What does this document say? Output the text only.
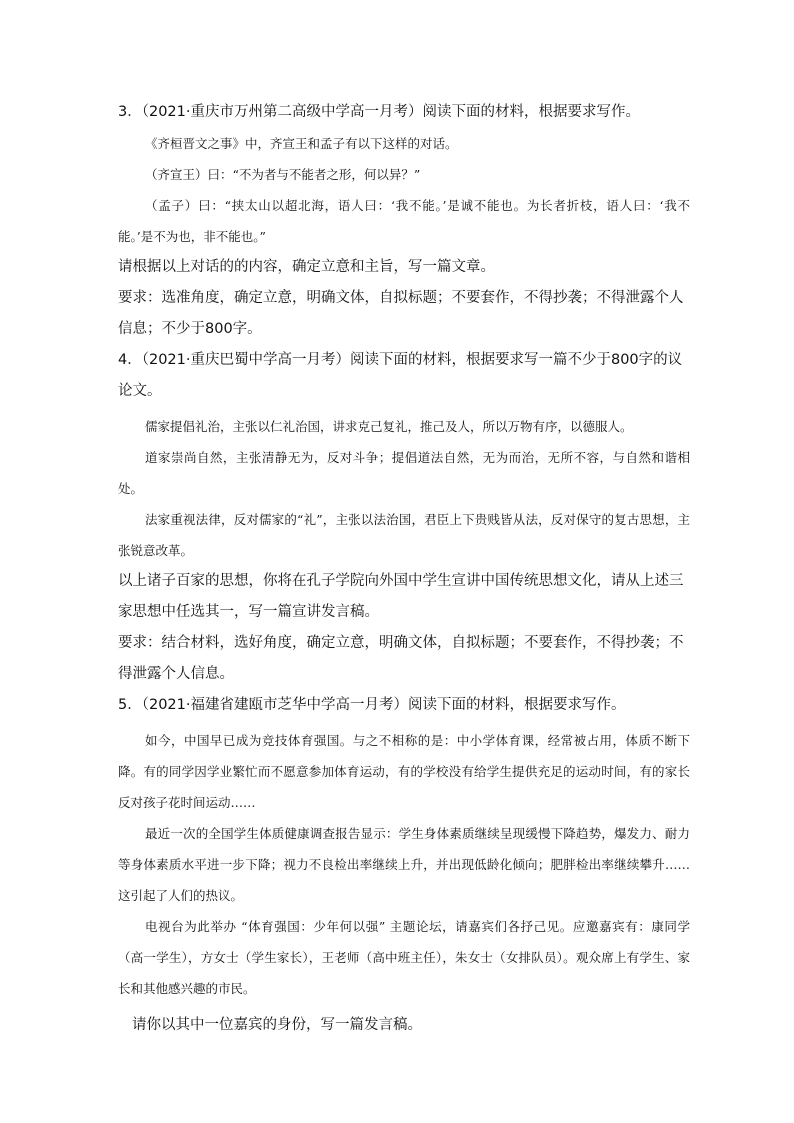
3．（2021·重庆市万州第二高级中学高一月考）阅读下面的材料，根据要求写作。

《齐桓晋文之事》中，齐宣王和孟子有以下这样的对话。

（齐宣王）曰：“不为者与不能者之形，何以异？”

（孟子）曰：“挟太山以超北海，语人曰：‘我不能。’是诚不能也。为长者折枝，语人曰：‘我不能。’是不为也，非不能也。”

请根据以上对话的的内容，确定立意和主旨，写一篇文章。

要求：选准角度，确定立意，明确文体，自拟标题；不要套作，不得抄袭；不得泄露个人信息；不少于800字。

4．（2021·重庆巴蜀中学高一月考）阅读下面的材料，根据要求写一篇不少于800字的议论文。

儒家提倡礼治，主张以仁礼治国，讲求克己复礼，推己及人，所以万物有序，以德服人。

道家崇尚自然，主张清静无为，反对斗争；提倡道法自然，无为而治，无所不容，与自然和谐相处。

法家重视法律，反对儒家的“礼”，主张以法治国，君臣上下贵贱皆从法，反对保守的复古思想，主张锐意改革。

以上诸子百家的思想，你将在孔子学院向外国中学生宣讲中国传统思想文化，请从上述三家思想中任选其一，写一篇宣讲发言稿。

要求：结合材料，选好角度，确定立意，明确文体，自拟标题；不要套作，不得抄袭；不得泄露个人信息。

5．（2021·福建省建瓯市芝华中学高一月考）阅读下面的材料，根据要求写作。

如今，中国早已成为竞技体育强国。与之不相称的是：中小学体育课，经常被占用，体质不断下降。有的同学因学业繁忙而不愿意参加体育运动，有的学校没有给学生提供充足的运动时间，有的家长反对孩子花时间运动……

最近一次的全国学生体质健康调查报告显示：学生身体素质继续呈现缓慢下降趋势，爆发力、耐力等身体素质水平进一步下降；视力不良检出率继续上升，并出现低龄化倾向；肥胖检出率继续攀升……这引起了人们的热议。

电视台为此举办 “体育强国：少年何以强” 主题论坛，请嘉宾们各抒己见。应邀嘉宾有：康同学（高一学生），方女士（学生家长），王老师（高中班主任），朱女士（女排队员）。观众席上有学生、家长和其他感兴趣的市民。

请你以其中一位嘉宾的身份，写一篇发言稿。
